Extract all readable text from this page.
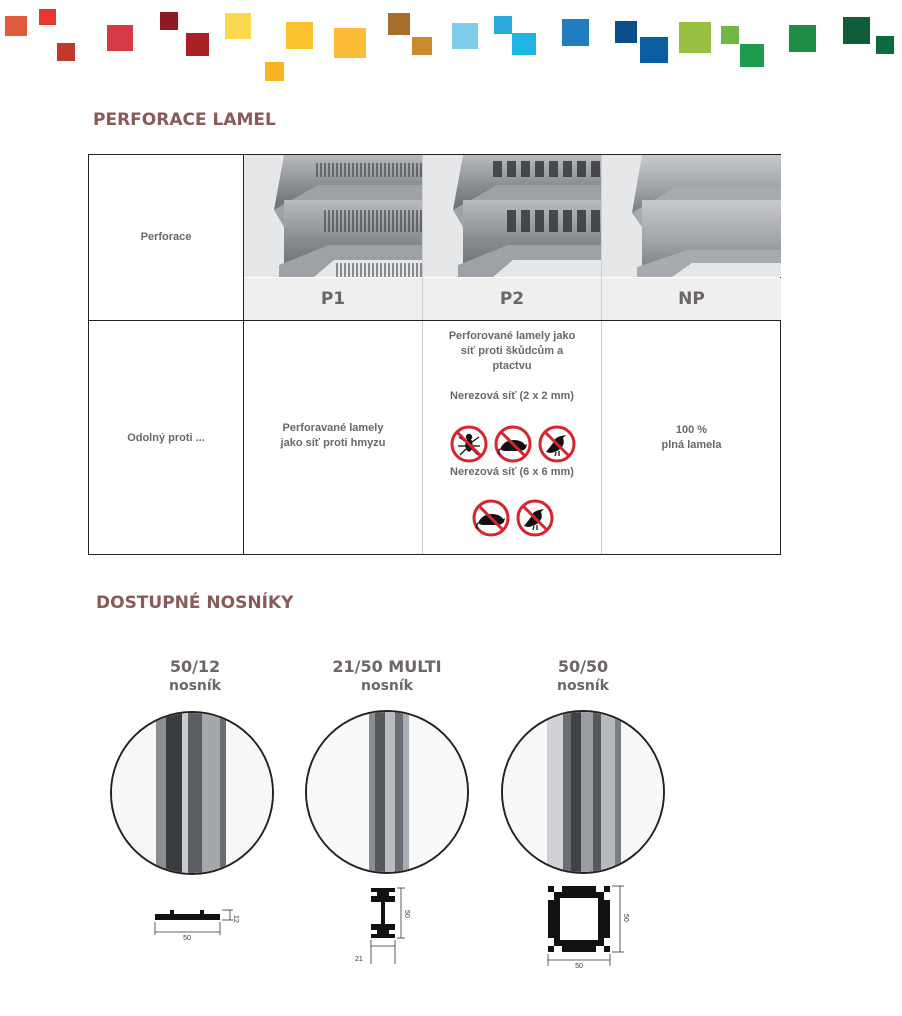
PERFORACE LAMEL
Perforace
Odolný proti ...
P1	P2	NP
Perforavané lamely
jako síť proti hmyzu
Perforované lamely jako
síť proti škůdcům a
ptactvu
Nerezová síť (2 x 2 mm)
Nerezová síť (6 x 6 mm)
100 %
plná lamela
DOSTUPNÉ NOSNÍKY
50/12
nosník
50
12
21/50 MULTI
nosník
21
50
50/50
nosník
50
50
